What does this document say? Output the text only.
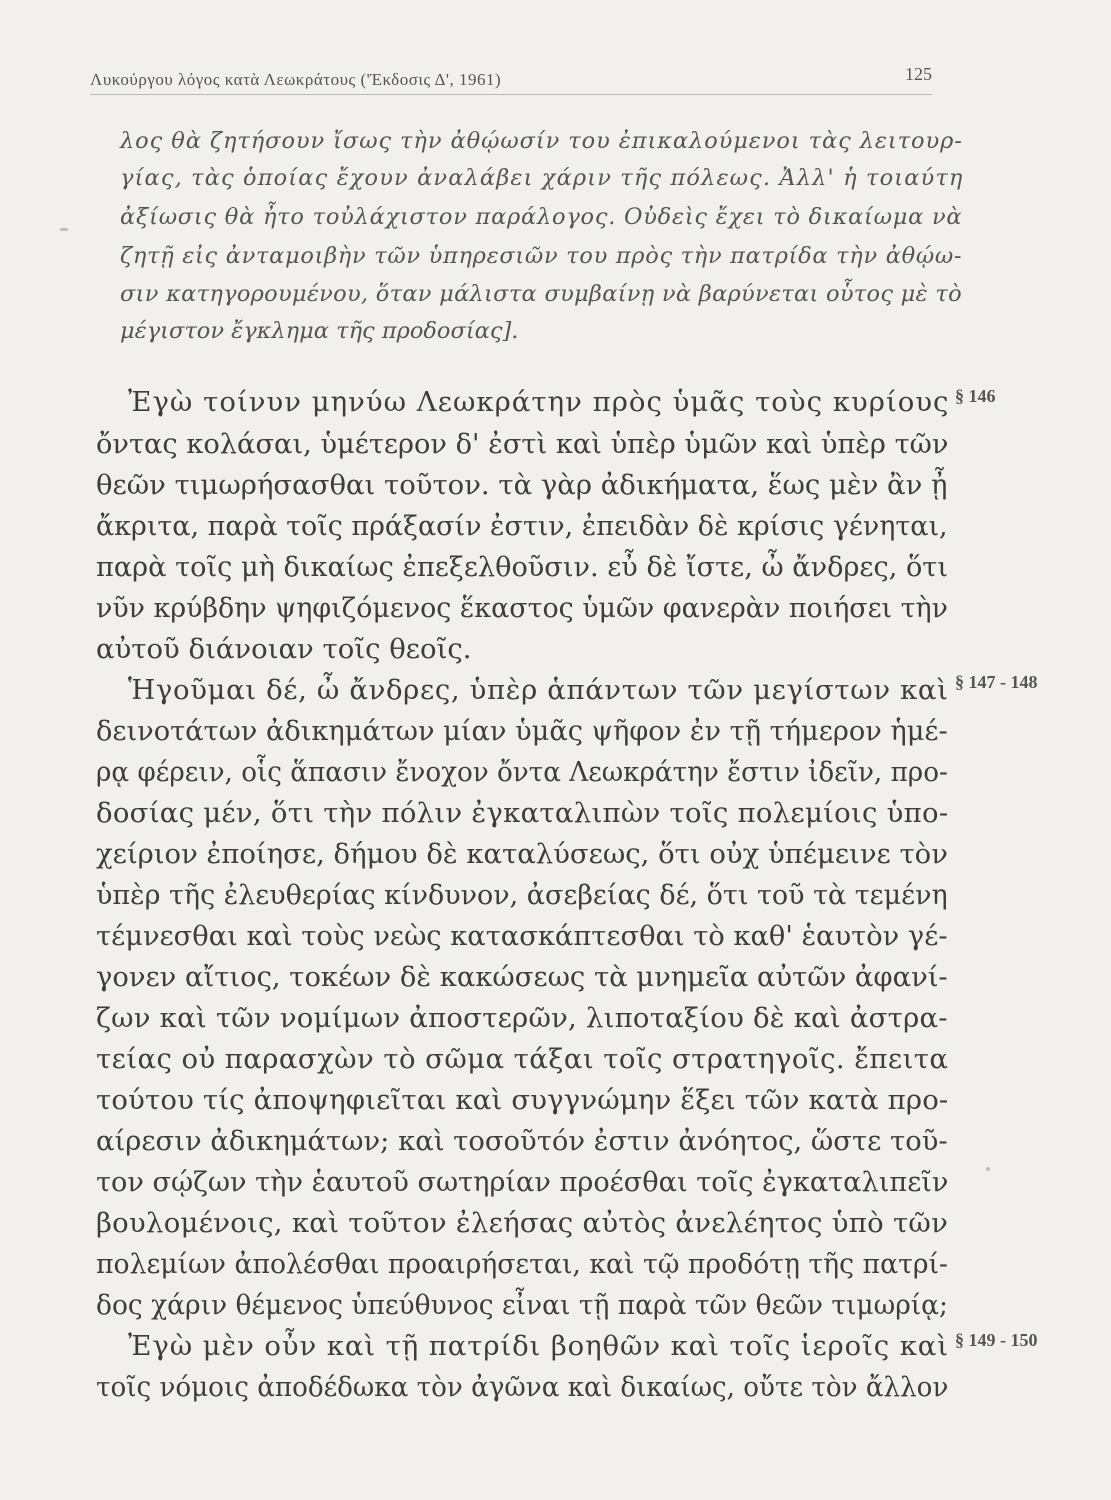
Λυκούργου λόγος κατὰ Λεωκράτους ('Έκδοσις Δ', 1961)	125
λος θὰ ζητήσουν ἴσως τὴν ἀθῴωσίν του ἐπικαλούμενοι τὰς λειτουρ-
γίας, τὰς ὁποίας ἔχουν ἀναλάβει χάριν τῆς πόλεως. Ἀλλ' ἡ τοιαύτη
ἀξίωσις θὰ ἦτο τοὐλάχιστον παράλογος. Οὐδεὶς ἔχει τὸ δικαίωμα νὰ
ζητῇ εἰς ἀνταμοιβὴν τῶν ὑπηρεσιῶν του πρὸς τὴν πατρίδα τὴν ἀθῴω-
σιν κατηγορουμένου, ὅταν μάλιστα συμβαίνῃ νὰ βαρύνεται οὗτος μὲ τὸ
μέγιστον ἔγκλημα τῆς προδοσίας].
Ἐγὼ τοίνυν μηνύω Λεωκράτην πρὸς ὑμᾶς τοὺς κυρίους
ὄντας κολάσαι, ὑμέτερον δ' ἐστὶ καὶ ὑπὲρ ὑμῶν καὶ ὑπὲρ τῶν
θεῶν τιμωρήσασθαι τοῦτον. τὰ γὰρ ἀδικήματα, ἕως μὲν ἂν ᾖ
ἄκριτα, παρὰ τοῖς πράξασίν ἐστιν, ἐπειδὰν δὲ κρίσις γένηται,
παρὰ τοῖς μὴ δικαίως ἐπεξελθοῦσιν. εὖ δὲ ἴστε, ὦ ἄνδρες, ὅτι
νῦν κρύβδην ψηφιζόμενος ἕκαστος ὑμῶν φανερὰν ποιήσει τὴν
αὐτοῦ διάνοιαν τοῖς θεοῖς.
Ἡγοῦμαι δέ, ὦ ἄνδρες, ὑπὲρ ἁπάντων τῶν μεγίστων καὶ
δεινοτάτων ἀδικημάτων μίαν ὑμᾶς ψῆφον ἐν τῇ τήμερον ἡμέ-
ρᾳ φέρειν, οἷς ἅπασιν ἔνοχον ὄντα Λεωκράτην ἔστιν ἰδεῖν, προ-
δοσίας μέν, ὅτι τὴν πόλιν ἐγκαταλιπὼν τοῖς πολεμίοις ὑπο-
χείριον ἐποίησε, δήμου δὲ καταλύσεως, ὅτι οὐχ ὑπέμεινε τὸν
ὑπὲρ τῆς ἐλευθερίας κίνδυνον, ἀσεβείας δέ, ὅτι τοῦ τὰ τεμένη
τέμνεσθαι καὶ τοὺς νεὼς κατασκάπτεσθαι τὸ καθ' ἑαυτὸν γέ-
γονεν αἴτιος, τοκέων δὲ κακώσεως τὰ μνημεῖα αὐτῶν ἀφανί-
ζων καὶ τῶν νομίμων ἀποστερῶν, λιποταξίου δὲ καὶ ἀστρα-
τείας οὐ παρασχὼν τὸ σῶμα τάξαι τοῖς στρατηγοῖς. ἔπειτα
τούτου τίς ἀποψηφιεῖται καὶ συγγνώμην ἕξει τῶν κατὰ προ-
αίρεσιν ἀδικημάτων; καὶ τοσοῦτόν ἐστιν ἀνόητος, ὥστε τοῦ-
τον σῴζων τὴν ἑαυτοῦ σωτηρίαν προέσθαι τοῖς ἐγκαταλιπεῖν
βουλομένοις, καὶ τοῦτον ἐλεήσας αὐτὸς ἀνελέητος ὑπὸ τῶν
πολεμίων ἀπολέσθαι προαιρήσεται, καὶ τῷ προδότῃ τῆς πατρί-
δος χάριν θέμενος ὑπεύθυνος εἶναι τῇ παρὰ τῶν θεῶν τιμωρίᾳ;
Ἐγὼ μὲν οὖν καὶ τῇ πατρίδι βοηθῶν καὶ τοῖς ἱεροῖς καὶ
τοῖς νόμοις ἀποδέδωκα τὸν ἀγῶνα καὶ δικαίως, οὔτε τὸν ἄλλον
§ 146
§ 147 - 148
§ 149 - 150
